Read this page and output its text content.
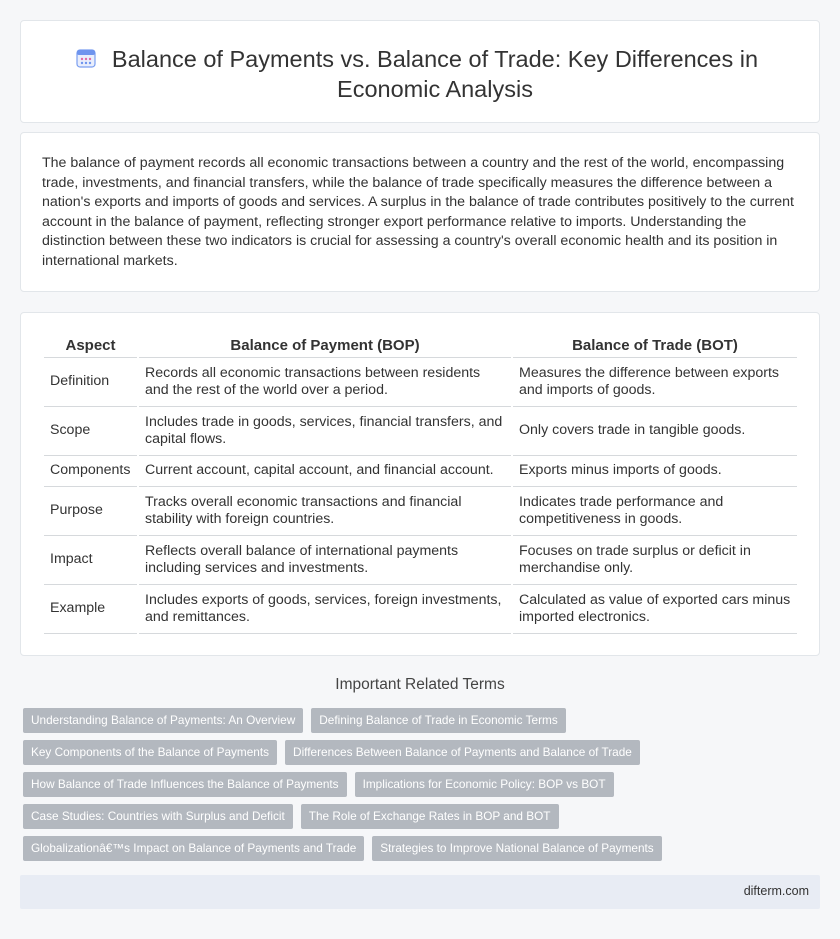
Balance of Payments vs. Balance of Trade: Key Differences in Economic Analysis

The balance of payment records all economic transactions between a country and the rest of the world, encompassing trade, investments, and financial transfers, while the balance of trade specifically measures the difference between a nation's exports and imports of goods and services. A surplus in the balance of trade contributes positively to the current account in the balance of payment, reflecting stronger export performance relative to imports. Understanding the distinction between these two indicators is crucial for assessing a country's overall economic health and its position in international markets.

Aspect	Balance of Payment (BOP)	Balance of Trade (BOT)
Definition	Records all economic transactions between residents and the rest of the world over a period.	Measures the difference between exports and imports of goods.
Scope	Includes trade in goods, services, financial transfers, and capital flows.	Only covers trade in tangible goods.
Components	Current account, capital account, and financial account.	Exports minus imports of goods.
Purpose	Tracks overall economic transactions and financial stability with foreign countries.	Indicates trade performance and competitiveness in goods.
Impact	Reflects overall balance of international payments including services and investments.	Focuses on trade surplus or deficit in merchandise only.
Example	Includes exports of goods, services, foreign investments, and remittances.	Calculated as value of exported cars minus imported electronics.
Important Related Terms
Understanding Balance of Payments: An Overview Defining Balance of Trade in Economic Terms
Key Components of the Balance of Payments Differences Between Balance of Payments and Balance of Trade
How Balance of Trade Influences the Balance of Payments Implications for Economic Policy: BOP vs BOT
Case Studies: Countries with Surplus and Deficit The Role of Exchange Rates in BOP and BOT
Globalizationâ€™s Impact on Balance of Payments and Trade Strategies to Improve National Balance of Payments
difterm.com
